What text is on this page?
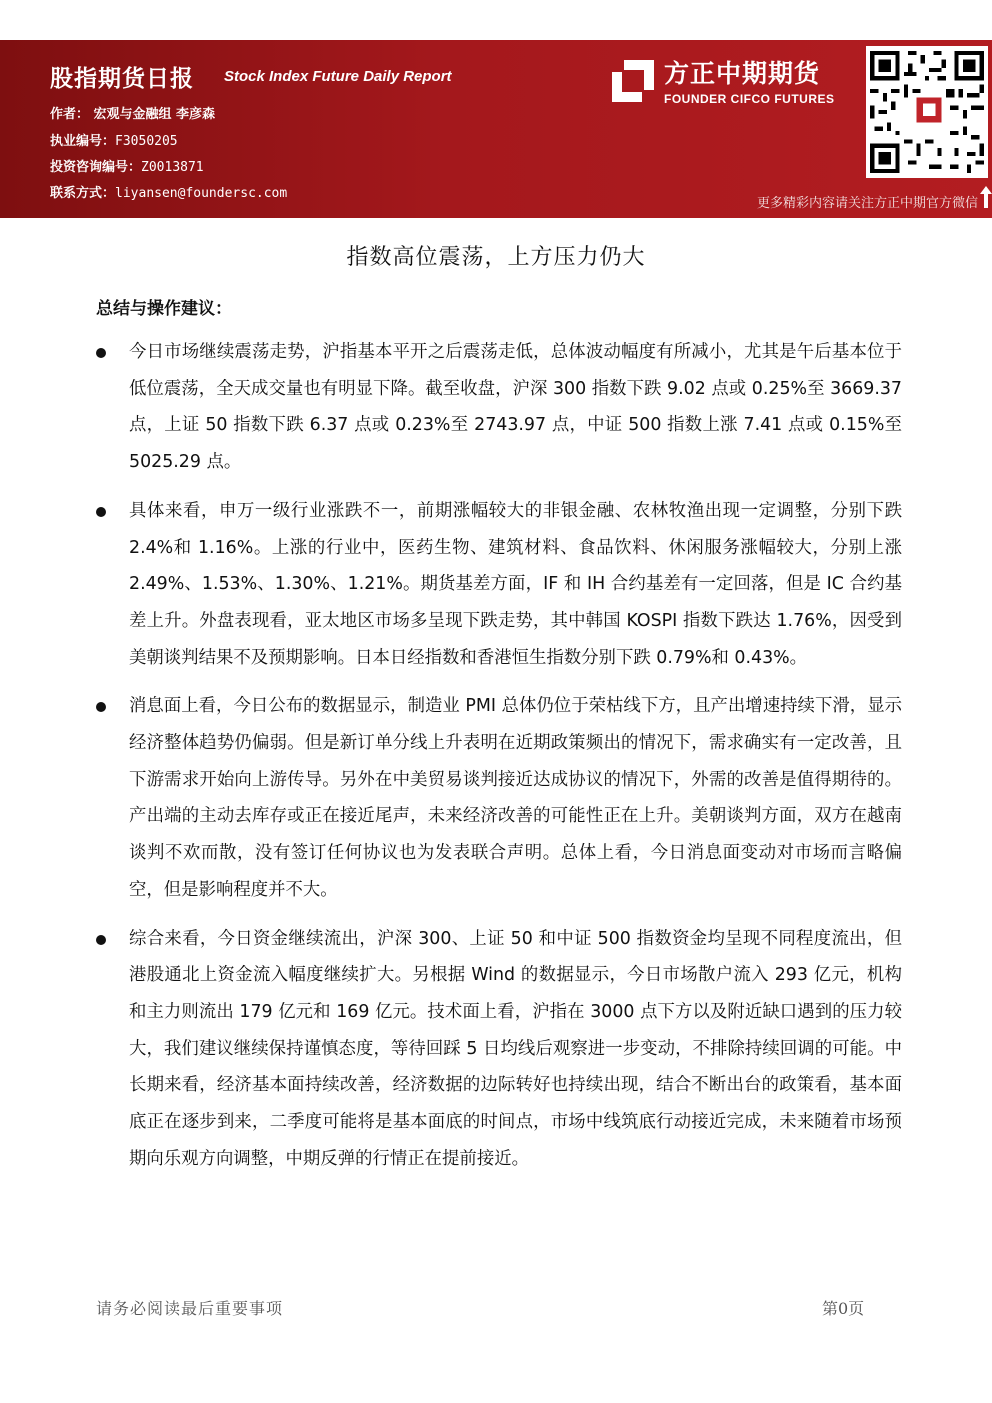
股指期货日报 Stock Index Future Daily Report
作者： 宏观与金融组 李彦森
执业编号：F3050205
投资咨询编号：Z0013871
联系方式：liyansen@foundersc.com
方正中期期货
FOUNDER CIFCO FUTURES
更多精彩内容请关注方正中期官方微信
指数高位震荡，上方压力仍大
总结与操作建议：
今日市场继续震荡走势，沪指基本平开之后震荡走低，总体波动幅度有所减小，尤其是午后基本位于低位震荡，全天成交量也有明显下降。截至收盘，沪深 300 指数下跌 9.02 点或 0.25%至 3669.37 点，上证 50 指数下跌 6.37 点或 0.23%至 2743.97 点，中证 500 指数上涨 7.41 点或 0.15%至 5025.29 点。
具体来看，申万一级行业涨跌不一，前期涨幅较大的非银金融、农林牧渔出现一定调整，分别下跌 2.4%和 1.16%。上涨的行业中，医药生物、建筑材料、食品饮料、休闲服务涨幅较大，分别上涨 2.49%、1.53%、1.30%、1.21%。期货基差方面，IF 和 IH 合约基差有一定回落，但是 IC 合约基差上升。外盘表现看，亚太地区市场多呈现下跌走势，其中韩国 KOSPI 指数下跌达 1.76%，因受到美朝谈判结果不及预期影响。日本日经指数和香港恒生指数分别下跌 0.79%和 0.43%。
消息面上看，今日公布的数据显示，制造业 PMI 总体仍位于荣枯线下方，且产出增速持续下滑，显示经济整体趋势仍偏弱。但是新订单分线上升表明在近期政策频出的情况下，需求确实有一定改善，且下游需求开始向上游传导。另外在中美贸易谈判接近达成协议的情况下，外需的改善是值得期待的。产出端的主动去库存或正在接近尾声，未来经济改善的可能性正在上升。美朝谈判方面，双方在越南谈判不欢而散，没有签订任何协议也为发表联合声明。总体上看，今日消息面变动对市场而言略偏空，但是影响程度并不大。
综合来看，今日资金继续流出，沪深 300、上证 50 和中证 500 指数资金均呈现不同程度流出，但港股通北上资金流入幅度继续扩大。另根据 Wind 的数据显示，今日市场散户流入 293 亿元，机构和主力则流出 179 亿元和 169 亿元。技术面上看，沪指在 3000 点下方以及附近缺口遇到的压力较大，我们建议继续保持谨慎态度，等待回踩 5 日均线后观察进一步变动，不排除持续回调的可能。中长期来看，经济基本面持续改善，经济数据的边际转好也持续出现，结合不断出台的政策看，基本面底正在逐步到来，二季度可能将是基本面底的时间点，市场中线筑底行动接近完成，未来随着市场预期向乐观方向调整，中期反弹的行情正在提前接近。
请务必阅读最后重要事项	第0页
